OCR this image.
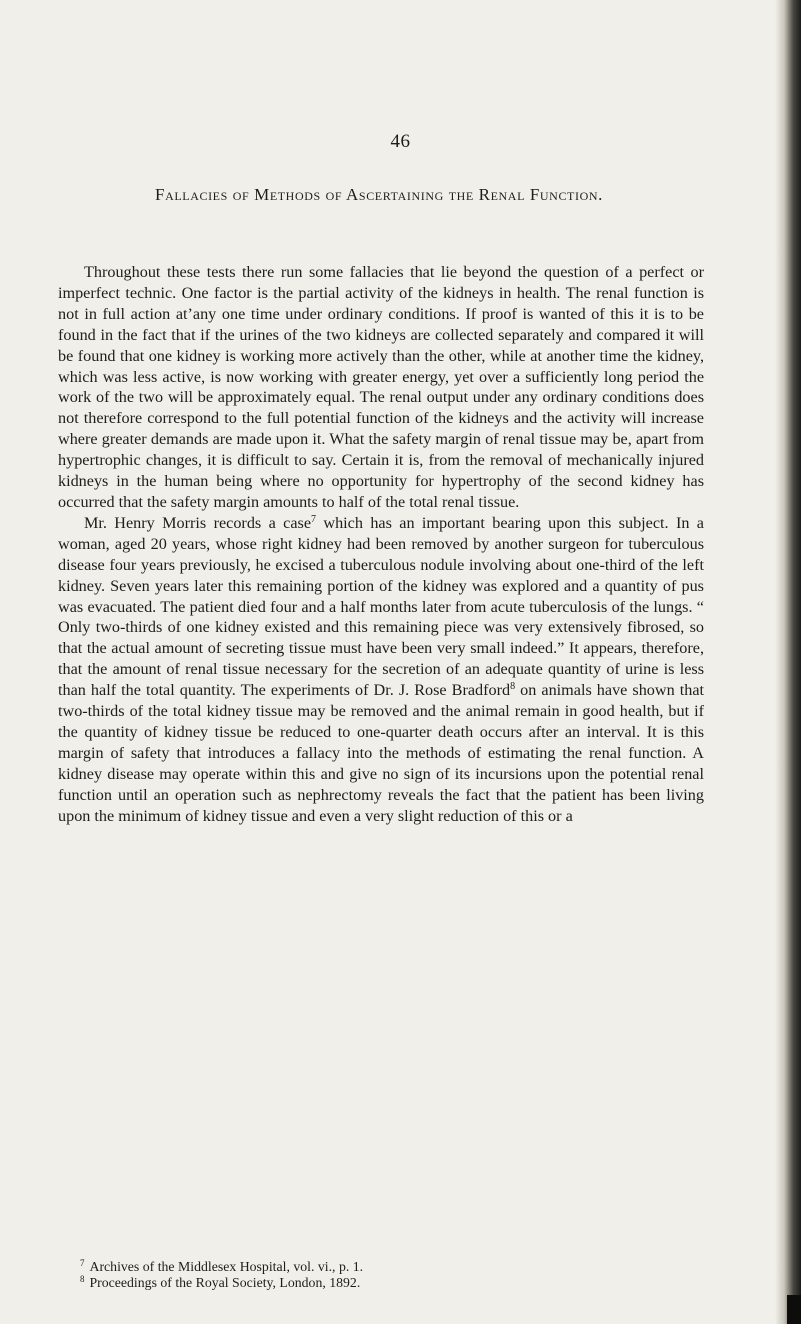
46
Fallacies of Methods of Ascertaining the Renal Function.

Throughout these tests there run some fallacies that lie beyond the question of a perfect or imperfect technic. One factor is the partial activity of the kidneys in health. The renal function is not in full action at’any one time under ordinary conditions. If proof is wanted of this it is to be found in the fact that if the urines of the two kidneys are collected separately and compared it will be found that one kidney is working more actively than the other, while at another time the kidney, which was less active, is now working with greater energy, yet over a sufficiently long period the work of the two will be approximately equal. The renal output under any ordinary conditions does not therefore correspond to the full potential function of the kidneys and the activity will increase where greater demands are made upon it. What the safety margin of renal tissue may be, apart from hypertrophic changes, it is difficult to say. Certain it is, from the removal of mechanically injured kidneys in the human being where no opportunity for hypertrophy of the second kidney has occurred that the safety margin amounts to half of the total renal tissue.

Mr. Henry Morris records a case$^7$ which has an important bearing upon this subject. In a woman, aged 20 years, whose right kidney had been removed by another surgeon for tuberculous disease four years previously, he excised a tuberculous nodule involving about one-third of the left kidney. Seven years later this remaining portion of the kidney was explored and a quantity of pus was evacuated. The patient died four and a half months later from acute tuberculosis of the lungs. “ Only two-thirds of one kidney existed and this remaining piece was very extensively fibrosed, so that the actual amount of secreting tissue must have been very small indeed.” It appears, therefore, that the amount of renal tissue necessary for the secretion of an adequate quantity of urine is less than half the total quantity. The experiments of Dr. J. Rose Bradford$^8$ on animals have shown that two-thirds of the total kidney tissue may be removed and the animal remain in good health, but if the quantity of kidney tissue be reduced to one-quarter death occurs after an interval. It is this margin of safety that introduces a fallacy into the methods of estimating the renal function. A kidney disease may operate within this and give no sign of its incursions upon the potential renal function until an operation such as nephrectomy reveals the fact that the patient has been living upon the minimum of kidney tissue and even a very slight reduction of this or a

$^7$ Archives of the Middlesex Hospital, vol. vi., p. 1.
$^8$ Proceedings of the Royal Society, London, 1892.
